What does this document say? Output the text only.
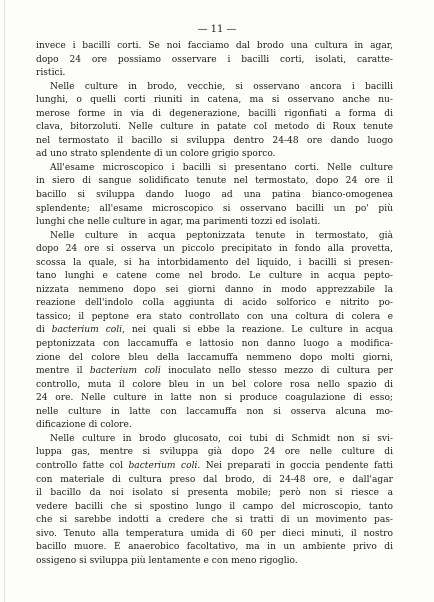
— 11 —
invece i bacilli corti. Se noi facciamo dal brodo una cultura in agar,
dopo 24 ore possiamo osservare i bacilli corti, isolati, caratte-
ristici.
Nelle culture in brodo, vecchie, si osservano ancora i bacilli
lunghi, o quelli corti riuniti in catena, ma si osservano anche nu-
merose forme in via di degenerazione, bacilli rigonfiati a forma di
clava, bitorzoluti. Nelle culture in patate col metodo di Roux tenute
nel termostato il bacillo si sviluppa dentro 24-48 ore dando luogo
ad uno strato splendente di un colore grigio sporco.
All'esame microscopico i bacilli si presentano corti. Nelle culture
in siero di sangue solidificato tenute nel termostato, dopo 24 ore il
bacillo si sviluppa dando luogo ad una patina bianco-omogenea
splendente; all'esame microscopico si osservano bacilli un po' più
lunghi che nelle culture in agar, ma parimenti tozzi ed isolati.
Nelle culture in acqua peptonizzata tenute in termostato, già
dopo 24 ore si osserva un piccolo precipitato in fondo alla provetta,
scossa la quale, si ha intorbidamento del liquido, i bacilli si presen-
tano lunghi e catene come nel brodo. Le culture in acqua pepto-
nizzata nemmeno dopo sei giorni danno in modo apprezzabile la
reazione dell'indolo colla aggiunta di acido solforico e nitrito po-
tassico; il peptone era stato controllato con una coltura di colera e
di bacterium coli, nei quali si ebbe la reazione. Le culture in acqua
peptonizzata con laccamuffa e lattosio non danno luogo a modifica-
zione del colore bleu della laccamuffa nemmeno dopo molti giorni,
mentre il bacterium coli inoculato nello stesso mezzo di cultura per
controllo, muta il colore bleu in un bel colore rosa nello spazio di
24 ore. Nelle culture in latte non si produce coagulazione di esso;
nelle culture in latte con laccamuffa non si osserva alcuna mo-
dificazione di colore.
Nelle culture in brodo glucosato, coi tubi di Schmidt non si svi-
luppa gas, mentre si sviluppa già dopo 24 ore nelle culture di
controllo fatte col bacterium coli. Nei preparati in goccia pendente fatti
con materiale di cultura preso dal brodo, di 24-48 ore, e dall'agar
il bacillo da noi isolato si presenta mobile; però non si riesce a
vedere bacilli che si spostino lungo il campo del microscopio, tanto
che si sarebbe indotti a credere che si tratti di un movimento pas-
sivo. Tenuto alla temperatura umida di 60 per dieci minuti, il nostro
bacillo muore. È anaerobico facoltativo, ma in un ambiente privo di
ossigeno si sviluppa più lentamente e con meno rigoglio.
